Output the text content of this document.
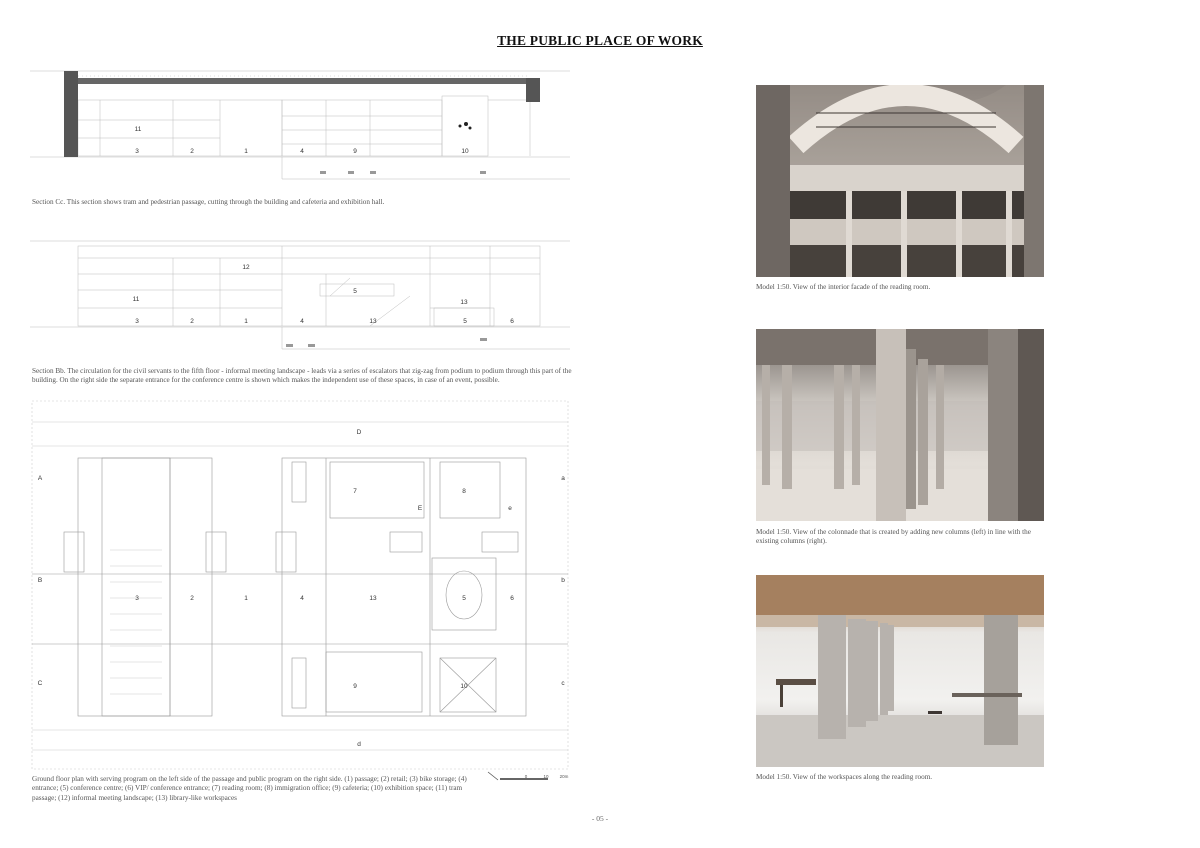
THE PUBLIC PLACE OF WORK
11
3	2	1	4	9	10
Section Cc. This section shows tram and pedestrian passage, cutting through the building and cafeteria and exhibition hall.
12
11
5
13
3	2	1	4	13	5	6
Section Bb. The circulation for the civil servants to the fifth floor - informal meeting landscape - leads via a series of escalators that zig-zag from podium to podium through this part of the building. On the right side the separate entrance for the conference centre is shown which makes the independent use of these spaces, in case of an event, possible.
D
d
A
B
C
a
b
c
E	e
7	8
3	2	1	4	13	5	6
9	10
0	10 20m
Ground floor plan with serving program on the left side of the passage and public program on the right side. (1) passage; (2) retail; (3) bike storage; (4) entrance; (5) conference centre; (6) VIP/ conference entrance; (7) reading room; (8) immigration office; (9) cafeteria; (10) exhibition space; (11) tram passage; (12) informal meeting landscape; (13) library-like workspaces
Model 1:50. View of the interior facade of the reading room.
Model 1:50. View of the colonnade that is created by adding new columns (left) in line with the existing columns (right).
Model 1:50. View of the workspaces along the reading room.
- 05 -
